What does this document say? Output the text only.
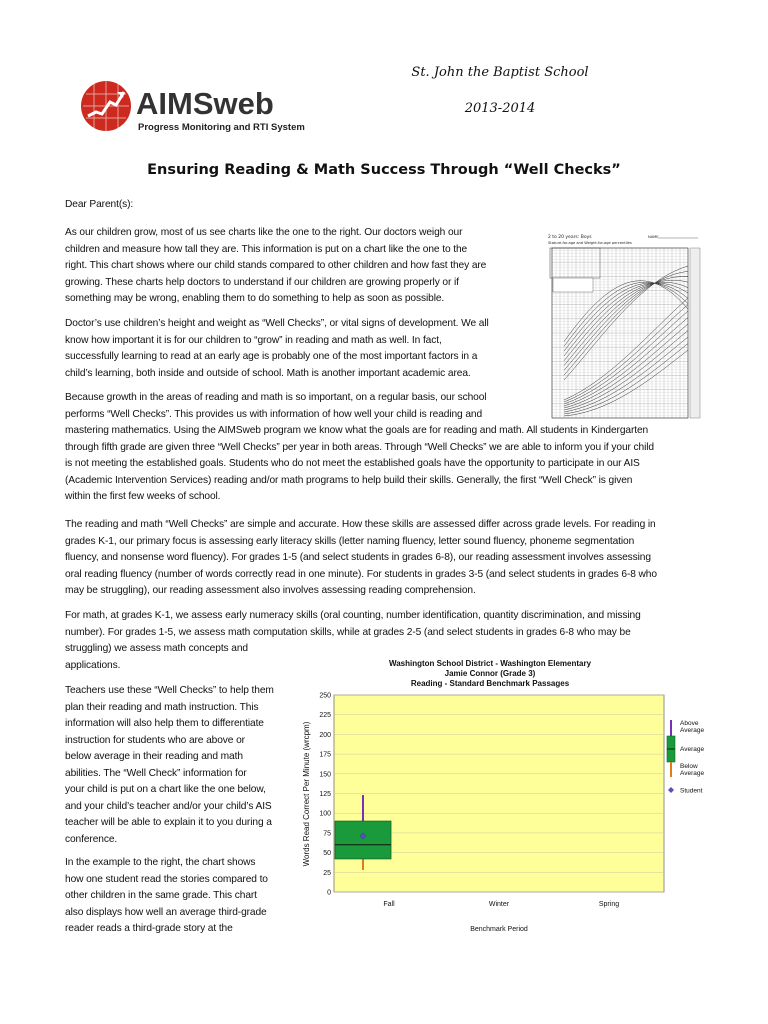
AIMSweb
Progress Monitoring and RTI System
St. John the Baptist School
2013-2014
Ensuring Reading & Math Success Through “Well Checks”
Dear Parent(s):
As our children grow, most of us see charts like the one to the right. Our doctors weigh our
children and measure how tall they are. This information is put on a chart like the one to the
right. This chart shows where our child stands compared to other children and how fast they are
growing. These charts help doctors to understand if our children are growing properly or if
something may be wrong, enabling them to do something to help as soon as possible.
Doctor’s use children’s height and weight as “Well Checks”, or vital signs of development. We all
know how important it is for our children to “grow” in reading and math as well. In fact,
successfully learning to read at an early age is probably one of the most important factors in a
child’s learning, both inside and outside of school. Math is another important academic area.
Because growth in the areas of reading and math is so important, on a regular basis, our school
performs “Well Checks”. This provides us with information of how well your child is reading and
mastering mathematics. Using the AIMSweb program we know what the goals are for reading and math. All students in Kindergarten
through fifth grade are given three “Well Checks” per year in both areas. Through “Well Checks” we are able to inform you if your child
is not meeting the established goals. Students who do not meet the established goals have the opportunity to participate in our AIS
(Academic Intervention Services) reading and/or math programs to help build their skills. Generally, the first “Well Check” is given
within the first few weeks of school.
The reading and math “Well Checks” are simple and accurate. How these skills are assessed differ across grade levels. For reading in
grades K-1, our primary focus is assessing early literacy skills (letter naming fluency, letter sound fluency, phoneme segmentation
fluency, and nonsense word fluency). For grades 1-5 (and select students in grades 6-8), our reading assessment involves assessing
oral reading fluency (number of words correctly read in one minute). For students in grades 3-5 (and select students in grades 6-8 who
may be struggling), our reading assessment also involves assessing reading comprehension.
For math, at grades K-1, we assess early numeracy skills (oral counting, number identification, quantity discrimination, and missing
number). For grades 1-5, we assess math computation skills, while at grades 2-5 (and select students in grades 6-8 who may be
struggling) we assess math concepts and
applications.
Teachers use these “Well Checks” to help them
plan their reading and math instruction. This
information will also help them to differentiate
instruction for students who are above or
below average in their reading and math
abilities. The “Well Check” information for
your child is put on a chart like the one below,
and your child’s teacher and/or your child’s AIS
teacher will be able to explain it to you during a
conference.
In the example to the right, the chart shows
how one student read the stories compared to
other children in the same grade. This chart
also displays how well an average third-grade
reader reads a third-grade story at the
2 to 20 years: Boys
Stature-for-age and Weight-for-age percentiles
NAME
Washington School District - Washington Elementary
Jamie Connor (Grade 3)
Reading - Standard Benchmark Passages
0
25
50
75
100
125
150
175
200
225
250
Fall	Winter	Spring
Words Read Correct Per Minute (wrcpm)
Benchmark Period
Above
Average
Average
Below
Average
Student
